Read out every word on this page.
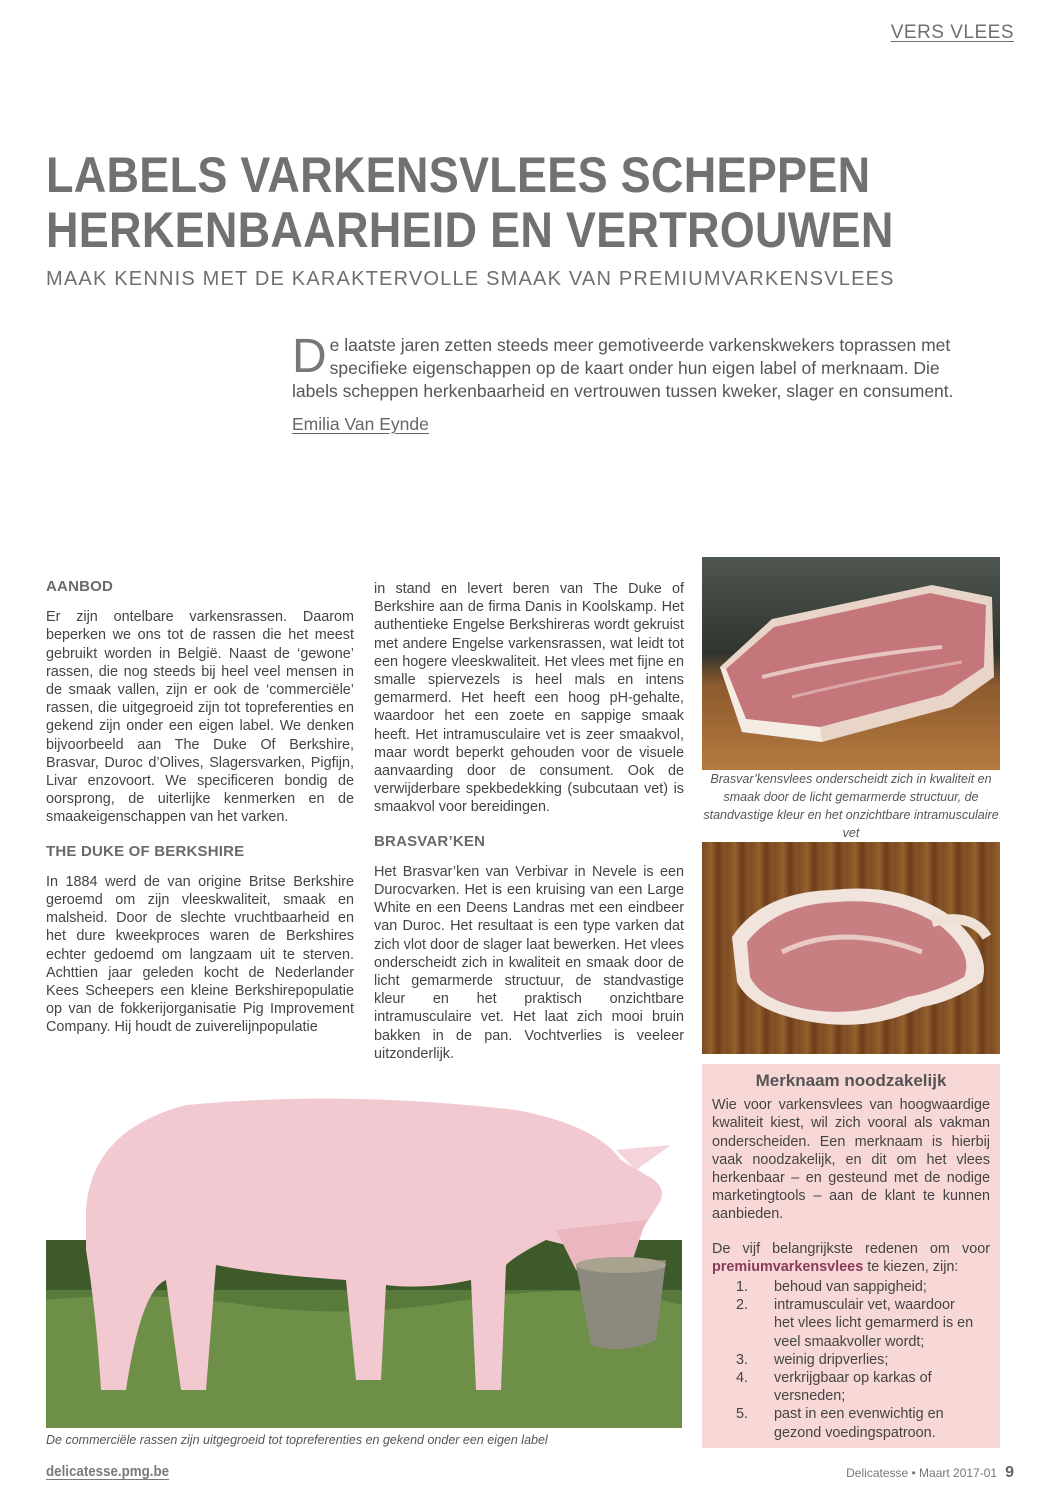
VERS VLEES
LABELS VARKENSVLEES SCHEPPEN
HERKENBAARHEID EN VERTROUWEN
MAAK KENNIS MET DE KARAKTERVOLLE SMAAK VAN PREMIUMVARKENSVLEES
De laatste jaren zetten steeds meer gemotiveerde varkenskwekers toprassen met specifieke eigenschappen op de kaart onder hun eigen label of merknaam. Die labels scheppen herkenbaarheid en vertrouwen tussen kweker, slager en consument.
Emilia Van Eynde
AANBOD

Er zijn ontelbare varkensrassen. Daarom beperken we ons tot de rassen die het meest gebruikt worden in België. Naast de ‘gewone’ rassen, die nog steeds bij heel veel mensen in de smaak vallen, zijn er ook de ‘commerciële’ rassen, die uitgegroeid zijn tot topreferenties en gekend zijn onder een eigen label. We denken bijvoorbeeld aan The Duke Of Berkshire, Brasvar, Duroc d’Olives, Slagersvarken, Pigfijn, Livar enzovoort. We specificeren bondig de oorsprong, de uiterlijke kenmerken en de smaakeigenschappen van het varken.

THE DUKE OF BERKSHIRE

In 1884 werd de van origine Britse Berkshire geroemd om zijn vleeskwaliteit, smaak en malsheid. Door de slechte vruchtbaarheid en het dure kweekproces waren de Berkshires echter gedoemd om langzaam uit te sterven. Achttien jaar geleden kocht de Nederlander Kees Scheepers een kleine Berkshirepopulatie op van de fokkerijorganisatie Pig Improvement Company. Hij houdt de zuiverelijnpopulatie

in stand en levert beren van The Duke of Berkshire aan de firma Danis in Koolskamp. Het authentieke Engelse Berkshireras wordt gekruist met andere Engelse varkensrassen, wat leidt tot een hogere vleeskwaliteit. Het vlees met fijne en smalle spiervezels is heel mals en intens gemarmerd. Het heeft een hoog pH-gehalte, waardoor het een zoete en sappige smaak heeft. Het intramusculaire vet is zeer smaakvol, maar wordt beperkt gehouden voor de visuele aanvaarding door de consument. Ook de verwijderbare spekbedekking (subcutaan vet) is smaakvol voor bereidingen.

BRASVAR’KEN

Het Brasvar’ken van Verbivar in Nevele is een Durocvarken. Het is een kruising van een Large White en een Deens Landras met een eindbeer van Duroc. Het resultaat is een type varken dat zich vlot door de slager laat bewerken. Het vlees onderscheidt zich in kwaliteit en smaak door de licht gemarmerde structuur, de standvastige kleur en het praktisch onzichtbare intramusculaire vet. Het laat zich mooi bruin bakken in de pan. Vochtverlies is veeleer uitzonderlijk.

Brasvar’kensvlees onderscheidt zich in kwaliteit en smaak door de licht gemarmerde structuur, de standvastige kleur en het onzichtbare intramusculaire vet
De commerciële rassen zijn uitgegroeid tot topreferenties en gekend onder een eigen label
Merknaam noodzakelijk

Wie voor varkensvlees van hoogwaardige kwaliteit kiest, wil zich vooral als vakman onderscheiden. Een merknaam is hierbij vaak noodzakelijk, en dit om het vlees herkenbaar – en gesteund met de nodige marketingtools – aan de klant te kunnen aanbieden.

De vijf belangrijkste redenen om voor premiumvarkensvlees te kiezen, zijn:

1.	behoud van sappigheid;
2.	intramusculair vet, waardoor het vlees licht gemarmerd is en veel smaakvoller wordt;
3.	weinig dripverlies;
4.	verkrijgbaar op karkas of versneden;
5.	past in een evenwichtig en gezond voedingspatroon.
delicatesse.pmg.be	Delicatesse • Maart 2017-01 9
